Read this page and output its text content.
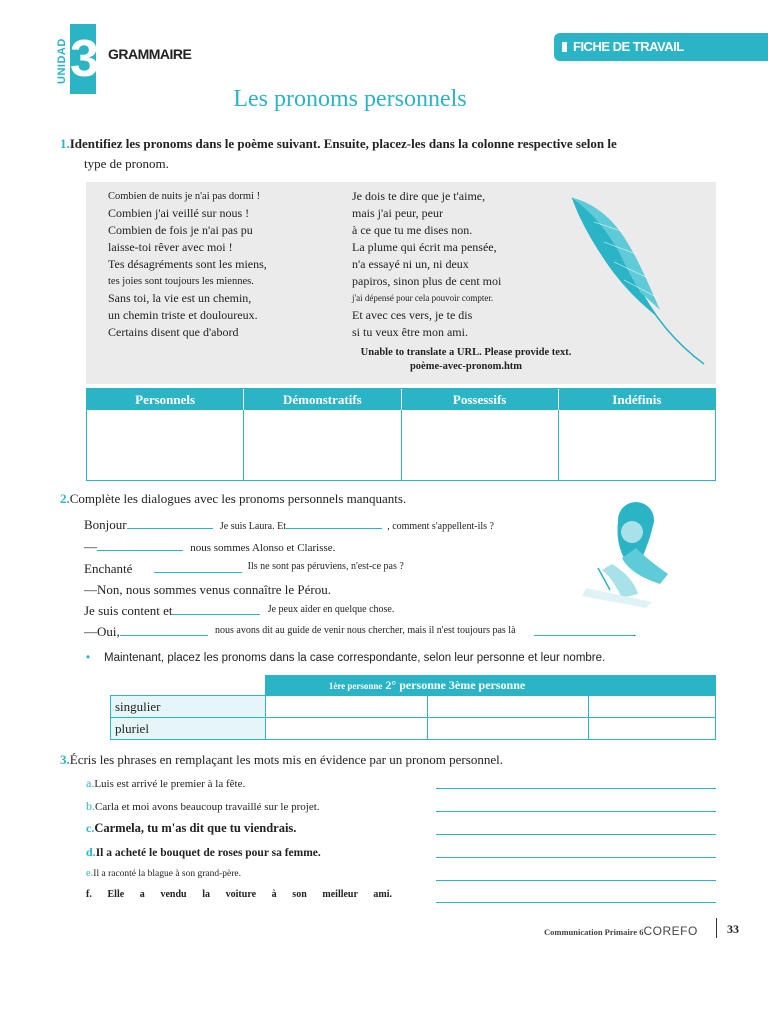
UNIDAD 3 GRAMMAIRE	FICHE DE TRAVAIL
Les pronoms personnels
1.Identifiez les pronoms dans le poème suivant. Ensuite, placez-les dans la colonne respective selon le
type de pronom.
Combien de nuits je n'ai pas dormi !
Combien j'ai veillé sur nous !
Combien de fois je n'ai pas pu
laisse-toi rêver avec moi !
Tes désagréments sont les miens,
tes joies sont toujours les miennes.
Sans toi, la vie est un chemin,
un chemin triste et douloureux.
Certains disent que d'abord
Je dois te dire que je t'aime,
mais j'ai peur, peur
à ce que tu me dises non.
La plume qui écrit ma pensée,
n'a essayé ni un, ni deux
papiros, sinon plus de cent moi
j'ai dépensé pour cela pouvoir compter.
Et avec ces vers, je te dis
si tu veux être mon ami.
Unable to translate a URL. Please provide text.
poème-avec-pronom.htm
Personnels	Démonstratifs	Possessifs	Indéfinis
2.Complète les dialogues avec les pronoms personnels manquants.
Bonjour	Je suis Laura. Et	, comment s'appellent-ils ?
—	nous sommes Alonso et Clarisse.
Enchanté	$^{Ils ne sont pas péruviens, n'est-ce pas ?}$
—Non, nous sommes venus connaître le Pérou.
Je suis content et	$^{Je peux aider en quelque chose.}$
—Oui,	$^{nous avons dit au guide de venir nous chercher, mais il n'est toujours pas là}$	.
• Maintenant, placez les pronoms dans la case correspondante, selon leur personne et leur nombre.
	1ère personne 2° personne 3ème personne		
singulier			
pluriel			
3.Écris les phrases en remplaçant les mots mis en évidence par un pronom personnel.
a.Luis est arrivé le premier à la fête.
b.Carla et moi avons beaucoup travaillé sur le projet.
c.Carmela, tu m'as dit que tu viendrais.
d.Il a acheté le bouquet de roses pour sa femme.
e.Il a raconté la blague à son grand-père.
f. Elle a vendu la voiture à son meilleur ami.
Communication Primaire 6COREFO	33
